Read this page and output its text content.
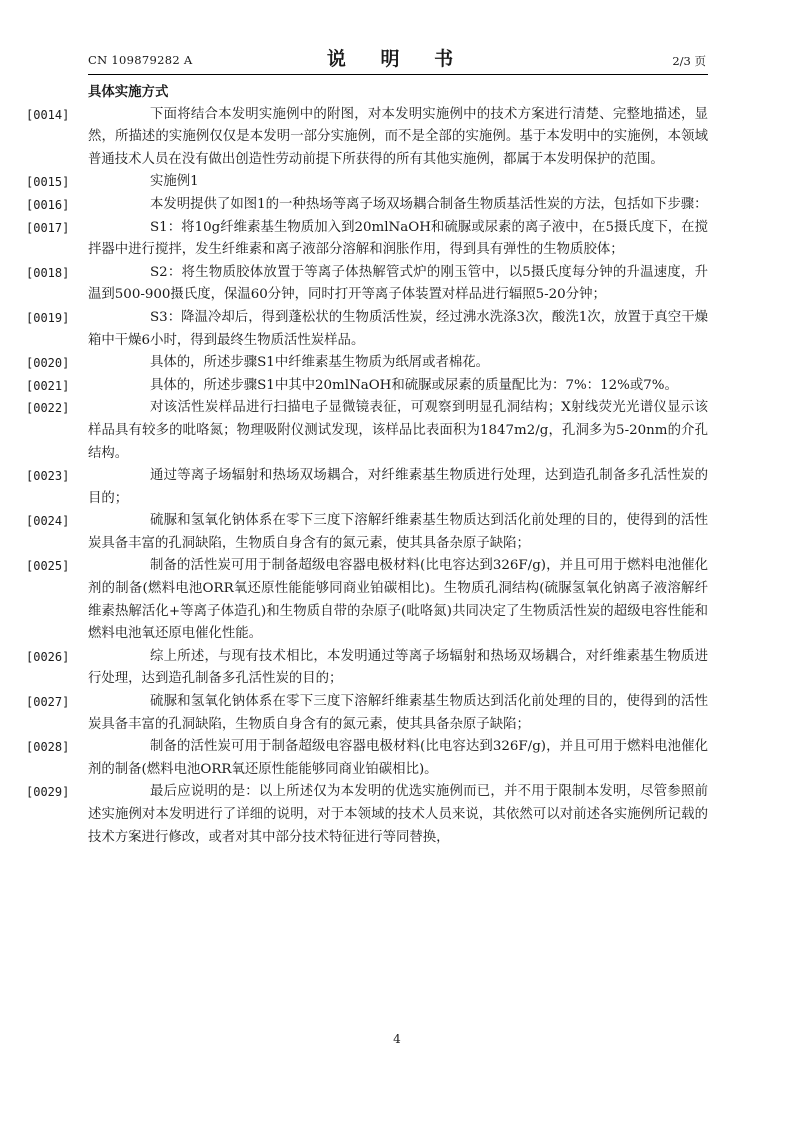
CN 109879282 A	说 明 书	2/3 页

具体实施方式

[0014]	下面将结合本发明实施例中的附图，对本发明实施例中的技术方案进行清楚、完整地描述，显然，所描述的实施例仅仅是本发明一部分实施例，而不是全部的实施例。基于本发明中的实施例，本领域普通技术人员在没有做出创造性劳动前提下所获得的所有其他实施例，都属于本发明保护的范围。

[0015]	实施例1

[0016]	本发明提供了如图1的一种热场等离子场双场耦合制备生物质基活性炭的方法，包括如下步骤：

[0017]	S1：将10g纤维素基生物质加入到20mlNaOH和硫脲或尿素的离子液中，在5摄氏度下，在搅拌器中进行搅拌，发生纤维素和离子液部分溶解和润胀作用，得到具有弹性的生物质胶体；

[0018]	S2：将生物质胶体放置于等离子体热解管式炉的刚玉管中，以5摄氏度每分钟的升温速度，升温到500-900摄氏度，保温60分钟，同时打开等离子体装置对样品进行辐照5-20分钟；

[0019]	S3：降温冷却后，得到蓬松状的生物质活性炭，经过沸水洗涤3次，酸洗1次，放置于真空干燥箱中干燥6小时，得到最终生物质活性炭样品。

[0020]	具体的，所述步骤S1中纤维素基生物质为纸屑或者棉花。

[0021]	具体的，所述步骤S1中其中20mlNaOH和硫脲或尿素的质量配比为：7%：12%或7%。

[0022]	对该活性炭样品进行扫描电子显微镜表征，可观察到明显孔洞结构；X射线荧光光谱仪显示该样品具有较多的吡咯氮；物理吸附仪测试发现，该样品比表面积为1847m2/g，孔洞多为5-20nm的介孔结构。

[0023]	通过等离子场辐射和热场双场耦合，对纤维素基生物质进行处理，达到造孔制备多孔活性炭的目的；

[0024]	硫脲和氢氧化钠体系在零下三度下溶解纤维素基生物质达到活化前处理的目的，使得到的活性炭具备丰富的孔洞缺陷，生物质自身含有的氮元素，使其具备杂原子缺陷；

[0025]	制备的活性炭可用于制备超级电容器电极材料(比电容达到326F/g)，并且可用于燃料电池催化剂的制备(燃料电池ORR氧还原性能能够同商业铂碳相比)。生物质孔洞结构(硫脲氢氧化钠离子液溶解纤维素热解活化+等离子体造孔)和生物质自带的杂原子(吡咯氮)共同决定了生物质活性炭的超级电容性能和燃料电池氧还原电催化性能。

[0026]	综上所述，与现有技术相比，本发明通过等离子场辐射和热场双场耦合，对纤维素基生物质进行处理，达到造孔制备多孔活性炭的目的；

[0027]	硫脲和氢氧化钠体系在零下三度下溶解纤维素基生物质达到活化前处理的目的，使得到的活性炭具备丰富的孔洞缺陷，生物质自身含有的氮元素，使其具备杂原子缺陷；

[0028]	制备的活性炭可用于制备超级电容器电极材料(比电容达到326F/g)，并且可用于燃料电池催化剂的制备(燃料电池ORR氧还原性能能够同商业铂碳相比)。

[0029]	最后应说明的是：以上所述仅为本发明的优选实施例而已，并不用于限制本发明，尽管参照前述实施例对本发明进行了详细的说明，对于本领域的技术人员来说，其依然可以对前述各实施例所记载的技术方案进行修改，或者对其中部分技术特征进行等同替换，

4
